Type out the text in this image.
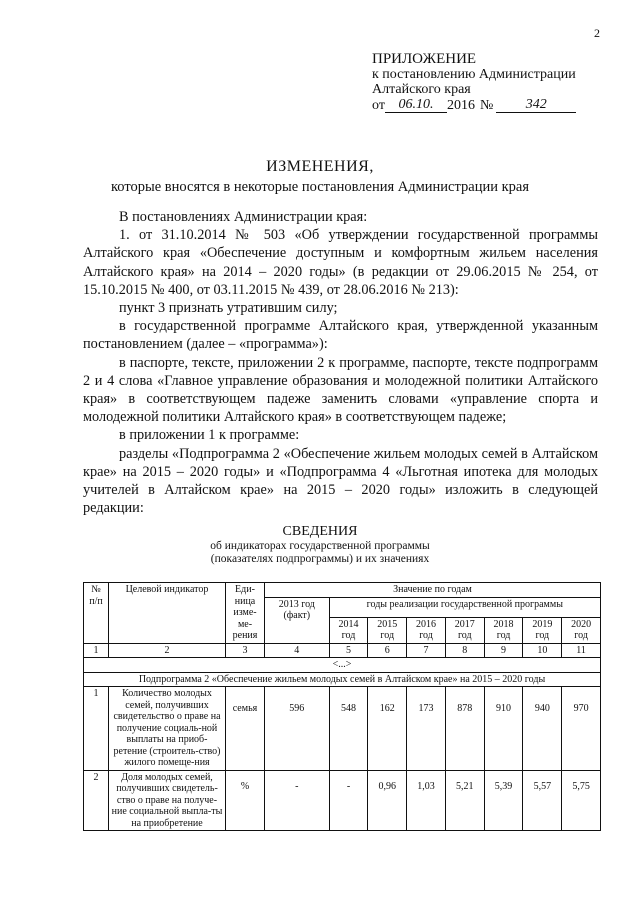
2
ПРИЛОЖЕНИЕ
к постановлению Администрации
Алтайского края
от 06.10. 2016 №	342
ИЗМЕНЕНИЯ,
которые вносятся в некоторые постановления Администрации края

В постановлениях Администрации края:

1. от 31.10.2014 № 503 «Об утверждении государственной программы Алтайского края «Обеспечение доступным и комфортным жильем населения Алтайского края» на 2014 – 2020 годы» (в редакции от 29.06.2015 № 254, от 15.10.2015 № 400, от 03.11.2015 № 439, от 28.06.2016 № 213):

пункт 3 признать утратившим силу;

в государственной программе Алтайского края, утвержденной указанным постановлением (далее – «программа»):

в паспорте, тексте, приложении 2 к программе, паспорте, тексте подпрограмм 2 и 4 слова «Главное управление образования и молодежной политики Алтайского края» в соответствующем падеже заменить словами «управление спорта и молодежной политики Алтайского края» в соответствующем падеже;

в приложении 1 к программе:

разделы «Подпрограмма 2 «Обеспечение жильем молодых семей в Алтайском крае» на 2015 – 2020 годы» и «Подпрограмма 4 «Льготная ипотека для молодых учителей в Алтайском крае» на 2015 – 2020 годы» изложить в следующей редакции:

СВЕДЕНИЯ
об индикаторах государственной программы
(показателях подпрограммы) и их значениях
№ п/п	Целевой индикатор	Еди-ница изме-ме-рения	Значение по годам							
			2013 год (факт)	годы реализации государственной программы						
				2014 год	2015 год	2016 год	2017 год	2018 год	2019 год	2020 год
1	2	3	4	5	6	7	8	9	10	11
<...>										
Подпрограмма 2 «Обеспечение жильем молодых семей в Алтайском крае» на 2015 – 2020 годы										
1	Количество молодых семей, получивших свидетельство о праве на получение социаль-ной выплаты на приоб-ретение (строитель-ство) жилого помеще-ния	семья	596	548	162	173	878	910	940	970
2	Доля молодых семей, получивших свидетель-ство о праве на получе-ние социальной выпла-ты на приобретение	%	-	-	0,96	1,03	5,21	5,39	5,57	5,75
